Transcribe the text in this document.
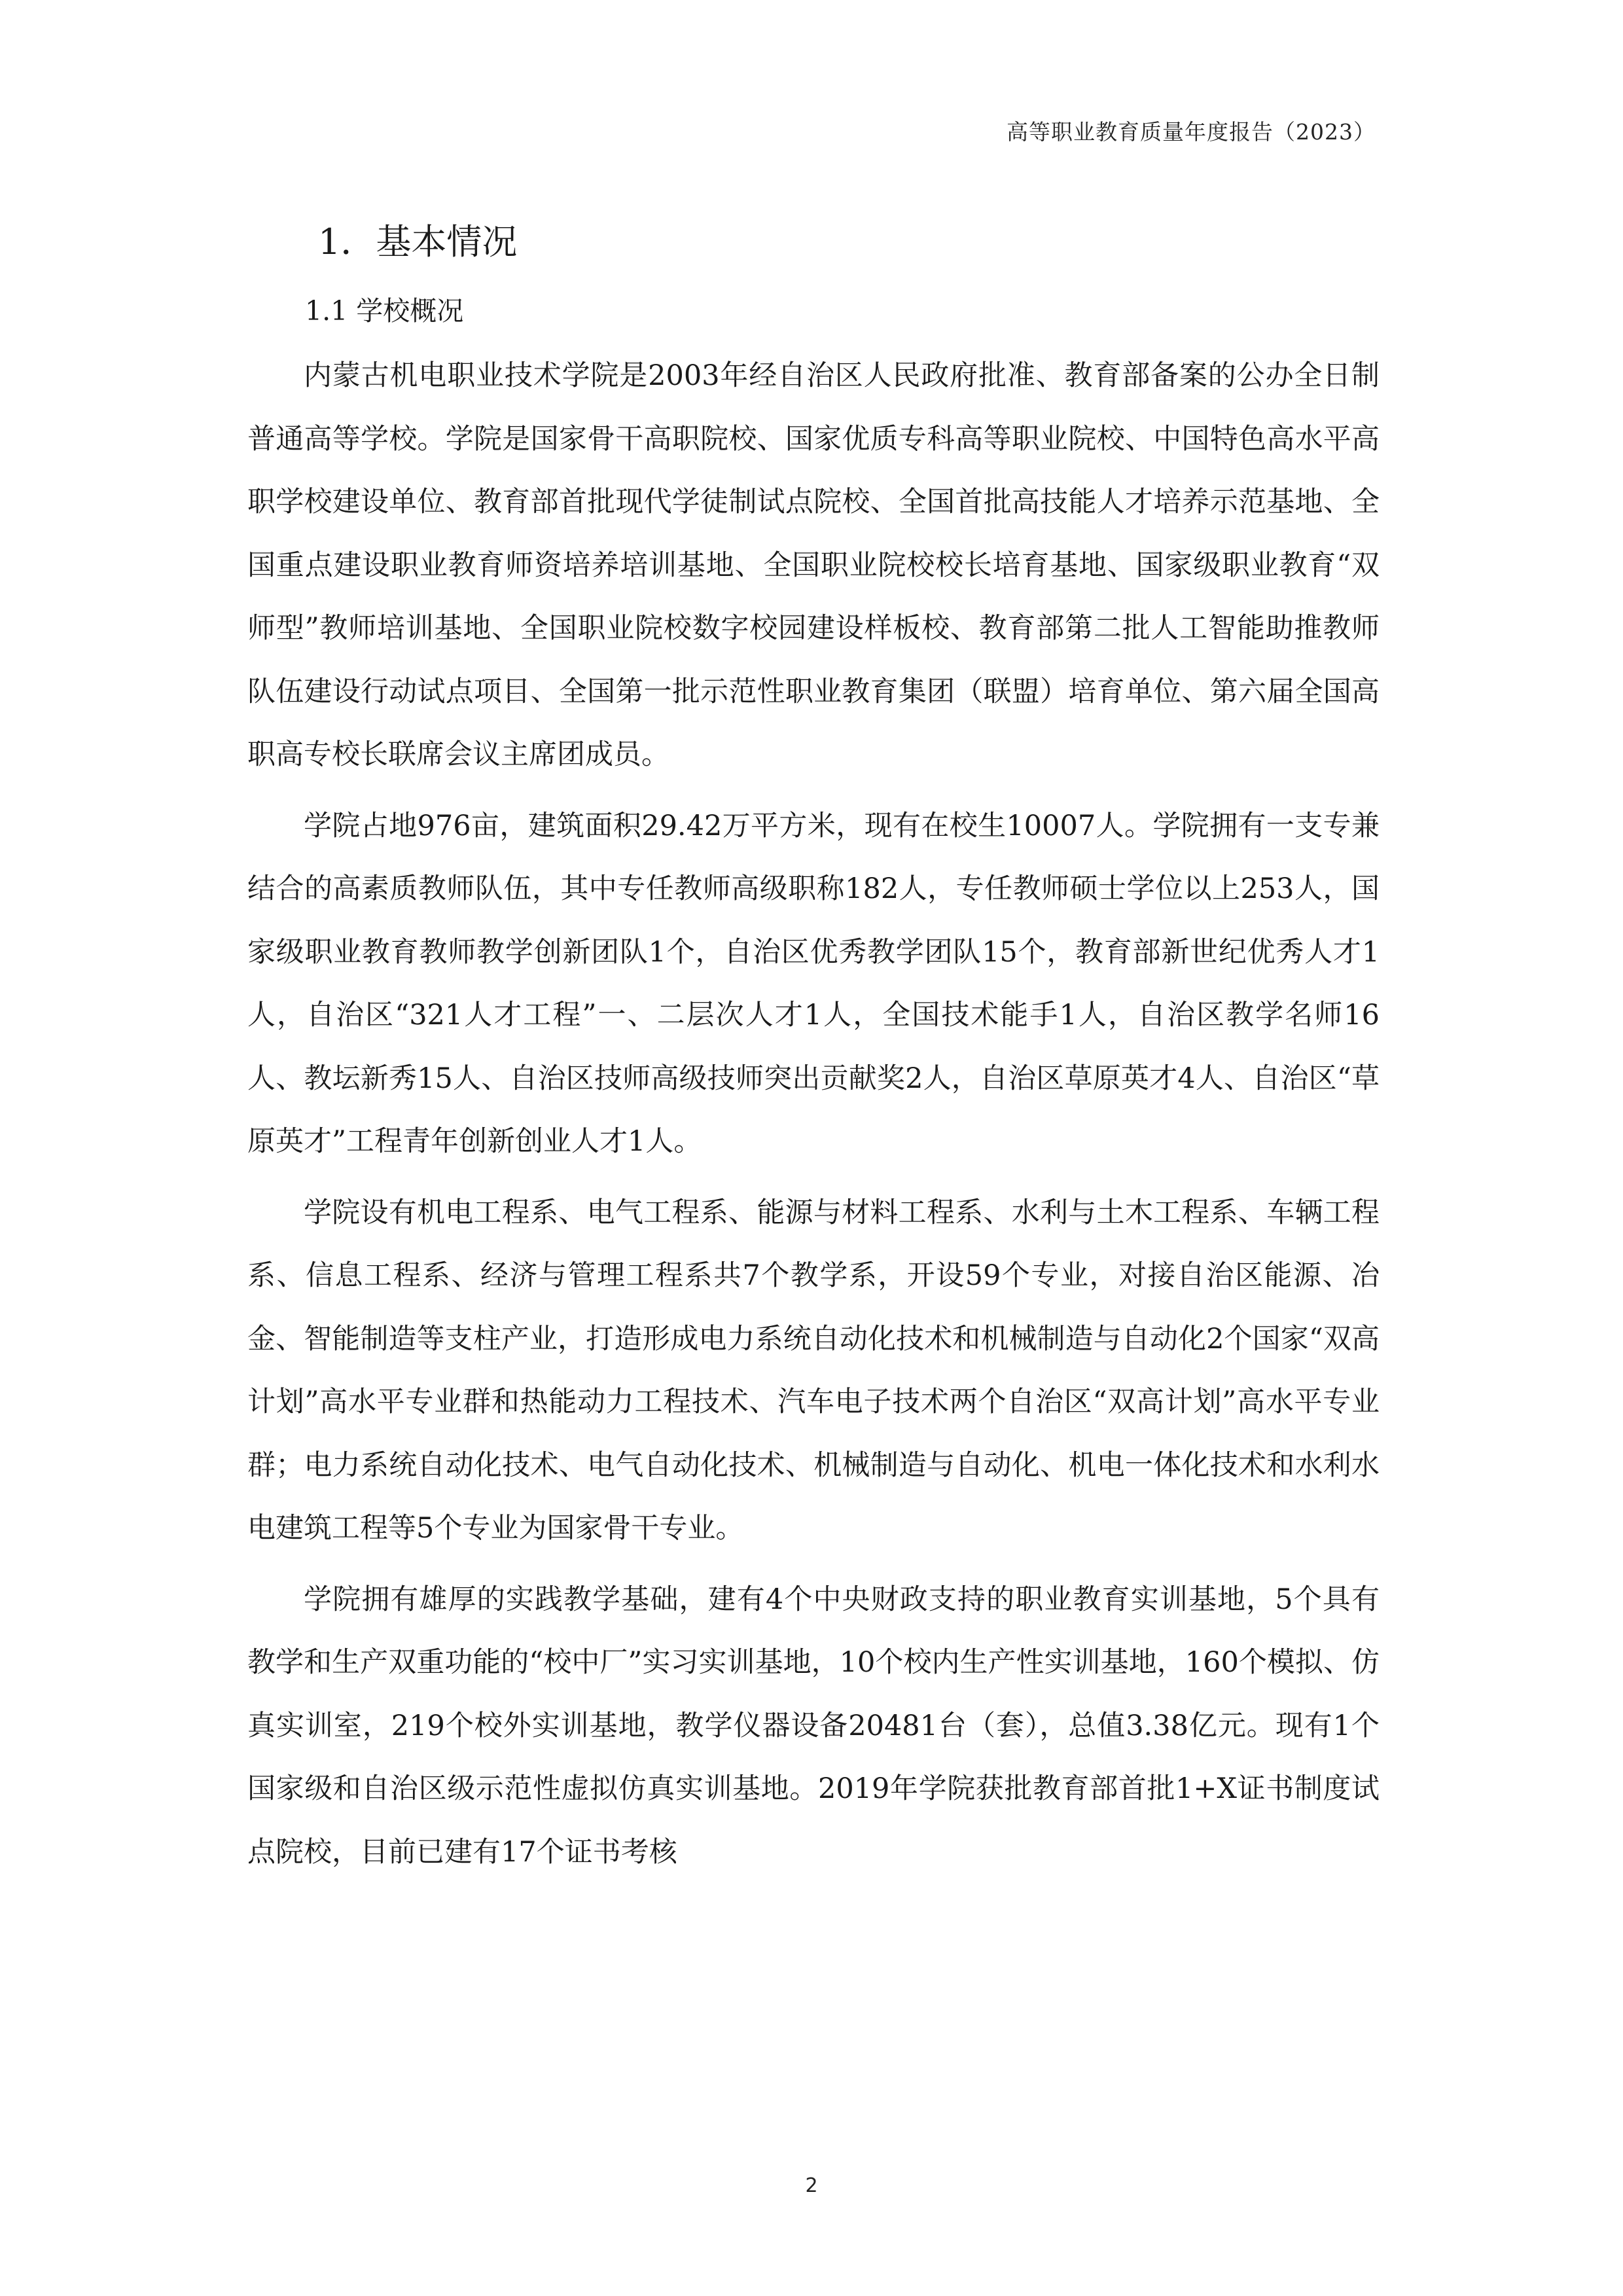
高等职业教育质量年度报告（2023）
1．基本情况
1.1 学校概况

内蒙古机电职业技术学院是2003年经自治区人民政府批准、教育部备案的公办全日制普通高等学校。学院是国家骨干高职院校、国家优质专科高等职业院校、中国特色高水平高职学校建设单位、教育部首批现代学徒制试点院校、全国首批高技能人才培养示范基地、全国重点建设职业教育师资培养培训基地、全国职业院校校长培育基地、国家级职业教育“双师型”教师培训基地、全国职业院校数字校园建设样板校、教育部第二批人工智能助推教师队伍建设行动试点项目、全国第一批示范性职业教育集团（联盟）培育单位、第六届全国高职高专校长联席会议主席团成员。

学院占地976亩，建筑面积29.42万平方米，现有在校生10007人。学院拥有一支专兼结合的高素质教师队伍，其中专任教师高级职称182人，专任教师硕士学位以上253人，国家级职业教育教师教学创新团队1个，自治区优秀教学团队15个，教育部新世纪优秀人才1人，自治区“321人才工程”一、二层次人才1人，全国技术能手1人，自治区教学名师16人、教坛新秀15人、自治区技师高级技师突出贡献奖2人，自治区草原英才4人、自治区“草原英才”工程青年创新创业人才1人。

学院设有机电工程系、电气工程系、能源与材料工程系、水利与土木工程系、车辆工程系、信息工程系、经济与管理工程系共7个教学系，开设59个专业，对接自治区能源、冶金、智能制造等支柱产业，打造形成电力系统自动化技术和机械制造与自动化2个国家“双高计划”高水平专业群和热能动力工程技术、汽车电子技术两个自治区“双高计划”高水平专业群；电力系统自动化技术、电气自动化技术、机械制造与自动化、机电一体化技术和水利水电建筑工程等5个专业为国家骨干专业。

学院拥有雄厚的实践教学基础，建有4个中央财政支持的职业教育实训基地，5个具有教学和生产双重功能的“校中厂”实习实训基地，10个校内生产性实训基地，160个模拟、仿真实训室，219个校外实训基地，教学仪器设备20481台（套），总值3.38亿元。现有1个国家级和自治区级示范性虚拟仿真实训基地。2019年学院获批教育部首批1+X证书制度试点院校，目前已建有17个证书考核

2
